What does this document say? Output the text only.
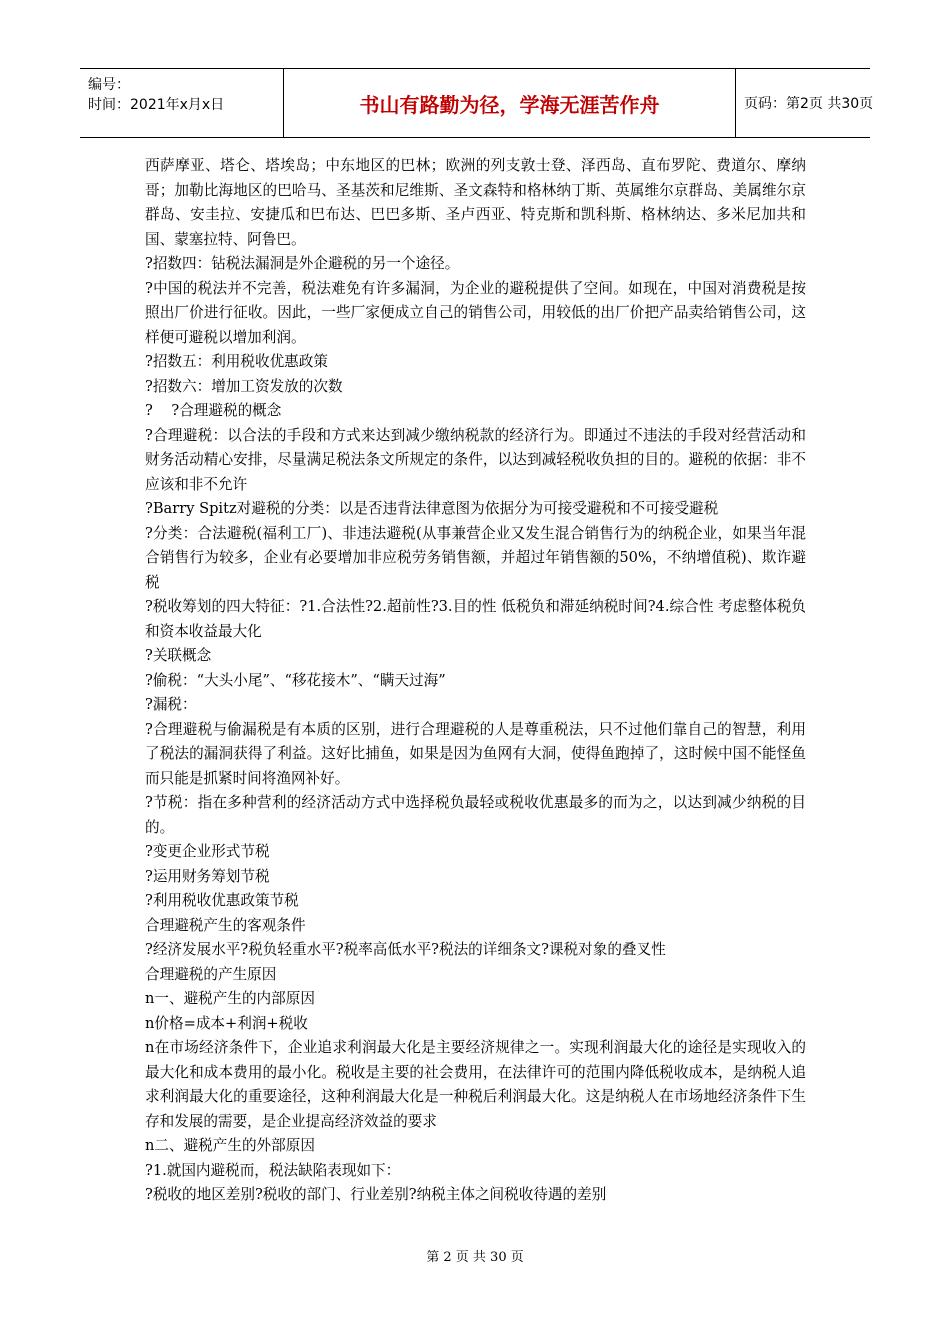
编号：
时间：2021年x月x日	书山有路勤为径，学海无涯苦作舟	页码：第2页 共30页

西萨摩亚、塔仑、塔埃岛；中东地区的巴林；欧洲的列支敦士登、泽西岛、直布罗陀、费道尔、摩纳哥；加勒比海地区的巴哈马、圣基茨和尼维斯、圣文森特和格林纳丁斯、英属维尔京群岛、美属维尔京群岛、安圭拉、安捷瓜和巴布达、巴巴多斯、圣卢西亚、特克斯和凯科斯、格林纳达、多米尼加共和国、蒙塞拉特、阿鲁巴。

?招数四：钻税法漏洞是外企避税的另一个途径。

?中国的税法并不完善，税法难免有许多漏洞，为企业的避税提供了空间。如现在，中国对消费税是按照出厂价进行征收。因此，一些厂家便成立自己的销售公司，用较低的出厂价把产品卖给销售公司，这样便可避税以增加利润。

?招数五：利用税收优惠政策

?招数六：增加工资发放的次数

?    ?合理避税的概念

?合理避税：以合法的手段和方式来达到减少缴纳税款的经济行为。即通过不违法的手段对经营活动和财务活动精心安排，尽量满足税法条文所规定的条件，以达到减轻税收负担的目的。避税的依据：非不应该和非不允许

?Barry Spitz对避税的分类：以是否违背法律意图为依据分为可接受避税和不可接受避税

?分类：合法避税(福利工厂)、非违法避税(从事兼营企业又发生混合销售行为的纳税企业，如果当年混合销售行为较多，企业有必要增加非应税劳务销售额，并超过年销售额的50%，不纳增值税)、欺诈避税

?税收筹划的四大特征：?1.合法性?2.超前性?3.目的性 低税负和滞延纳税时间?4.综合性 考虑整体税负和资本收益最大化

?关联概念

?偷税：“大头小尾”、“移花接木”、“瞒天过海”

?漏税：

?合理避税与偷漏税是有本质的区别，进行合理避税的人是尊重税法，只不过他们靠自己的智慧，利用了税法的漏洞获得了利益。这好比捕鱼，如果是因为鱼网有大洞，使得鱼跑掉了，这时候中国不能怪鱼而只能是抓紧时间将渔网补好。

?节税：指在多种营利的经济活动方式中选择税负最轻或税收优惠最多的而为之，以达到减少纳税的目的。

?变更企业形式节税

?运用财务筹划节税

?利用税收优惠政策节税

合理避税产生的客观条件

?经济发展水平?税负轻重水平?税率高低水平?税法的详细条文?课税对象的叠叉性

合理避税的产生原因

n一、避税产生的内部原因

n价格=成本+利润+税收

n在市场经济条件下，企业追求利润最大化是主要经济规律之一。实现利润最大化的途径是实现收入的最大化和成本费用的最小化。税收是主要的社会费用，在法律许可的范围内降低税收成本，是纳税人追求利润最大化的重要途径，这种利润最大化是一种税后利润最大化。这是纳税人在市场地经济条件下生存和发展的需要，是企业提高经济效益的要求

n二、避税产生的外部原因

?1.就国内避税而，税法缺陷表现如下：

?税收的地区差别?税收的部门、行业差别?纳税主体之间税收待遇的差别

第 2 页 共 30 页
